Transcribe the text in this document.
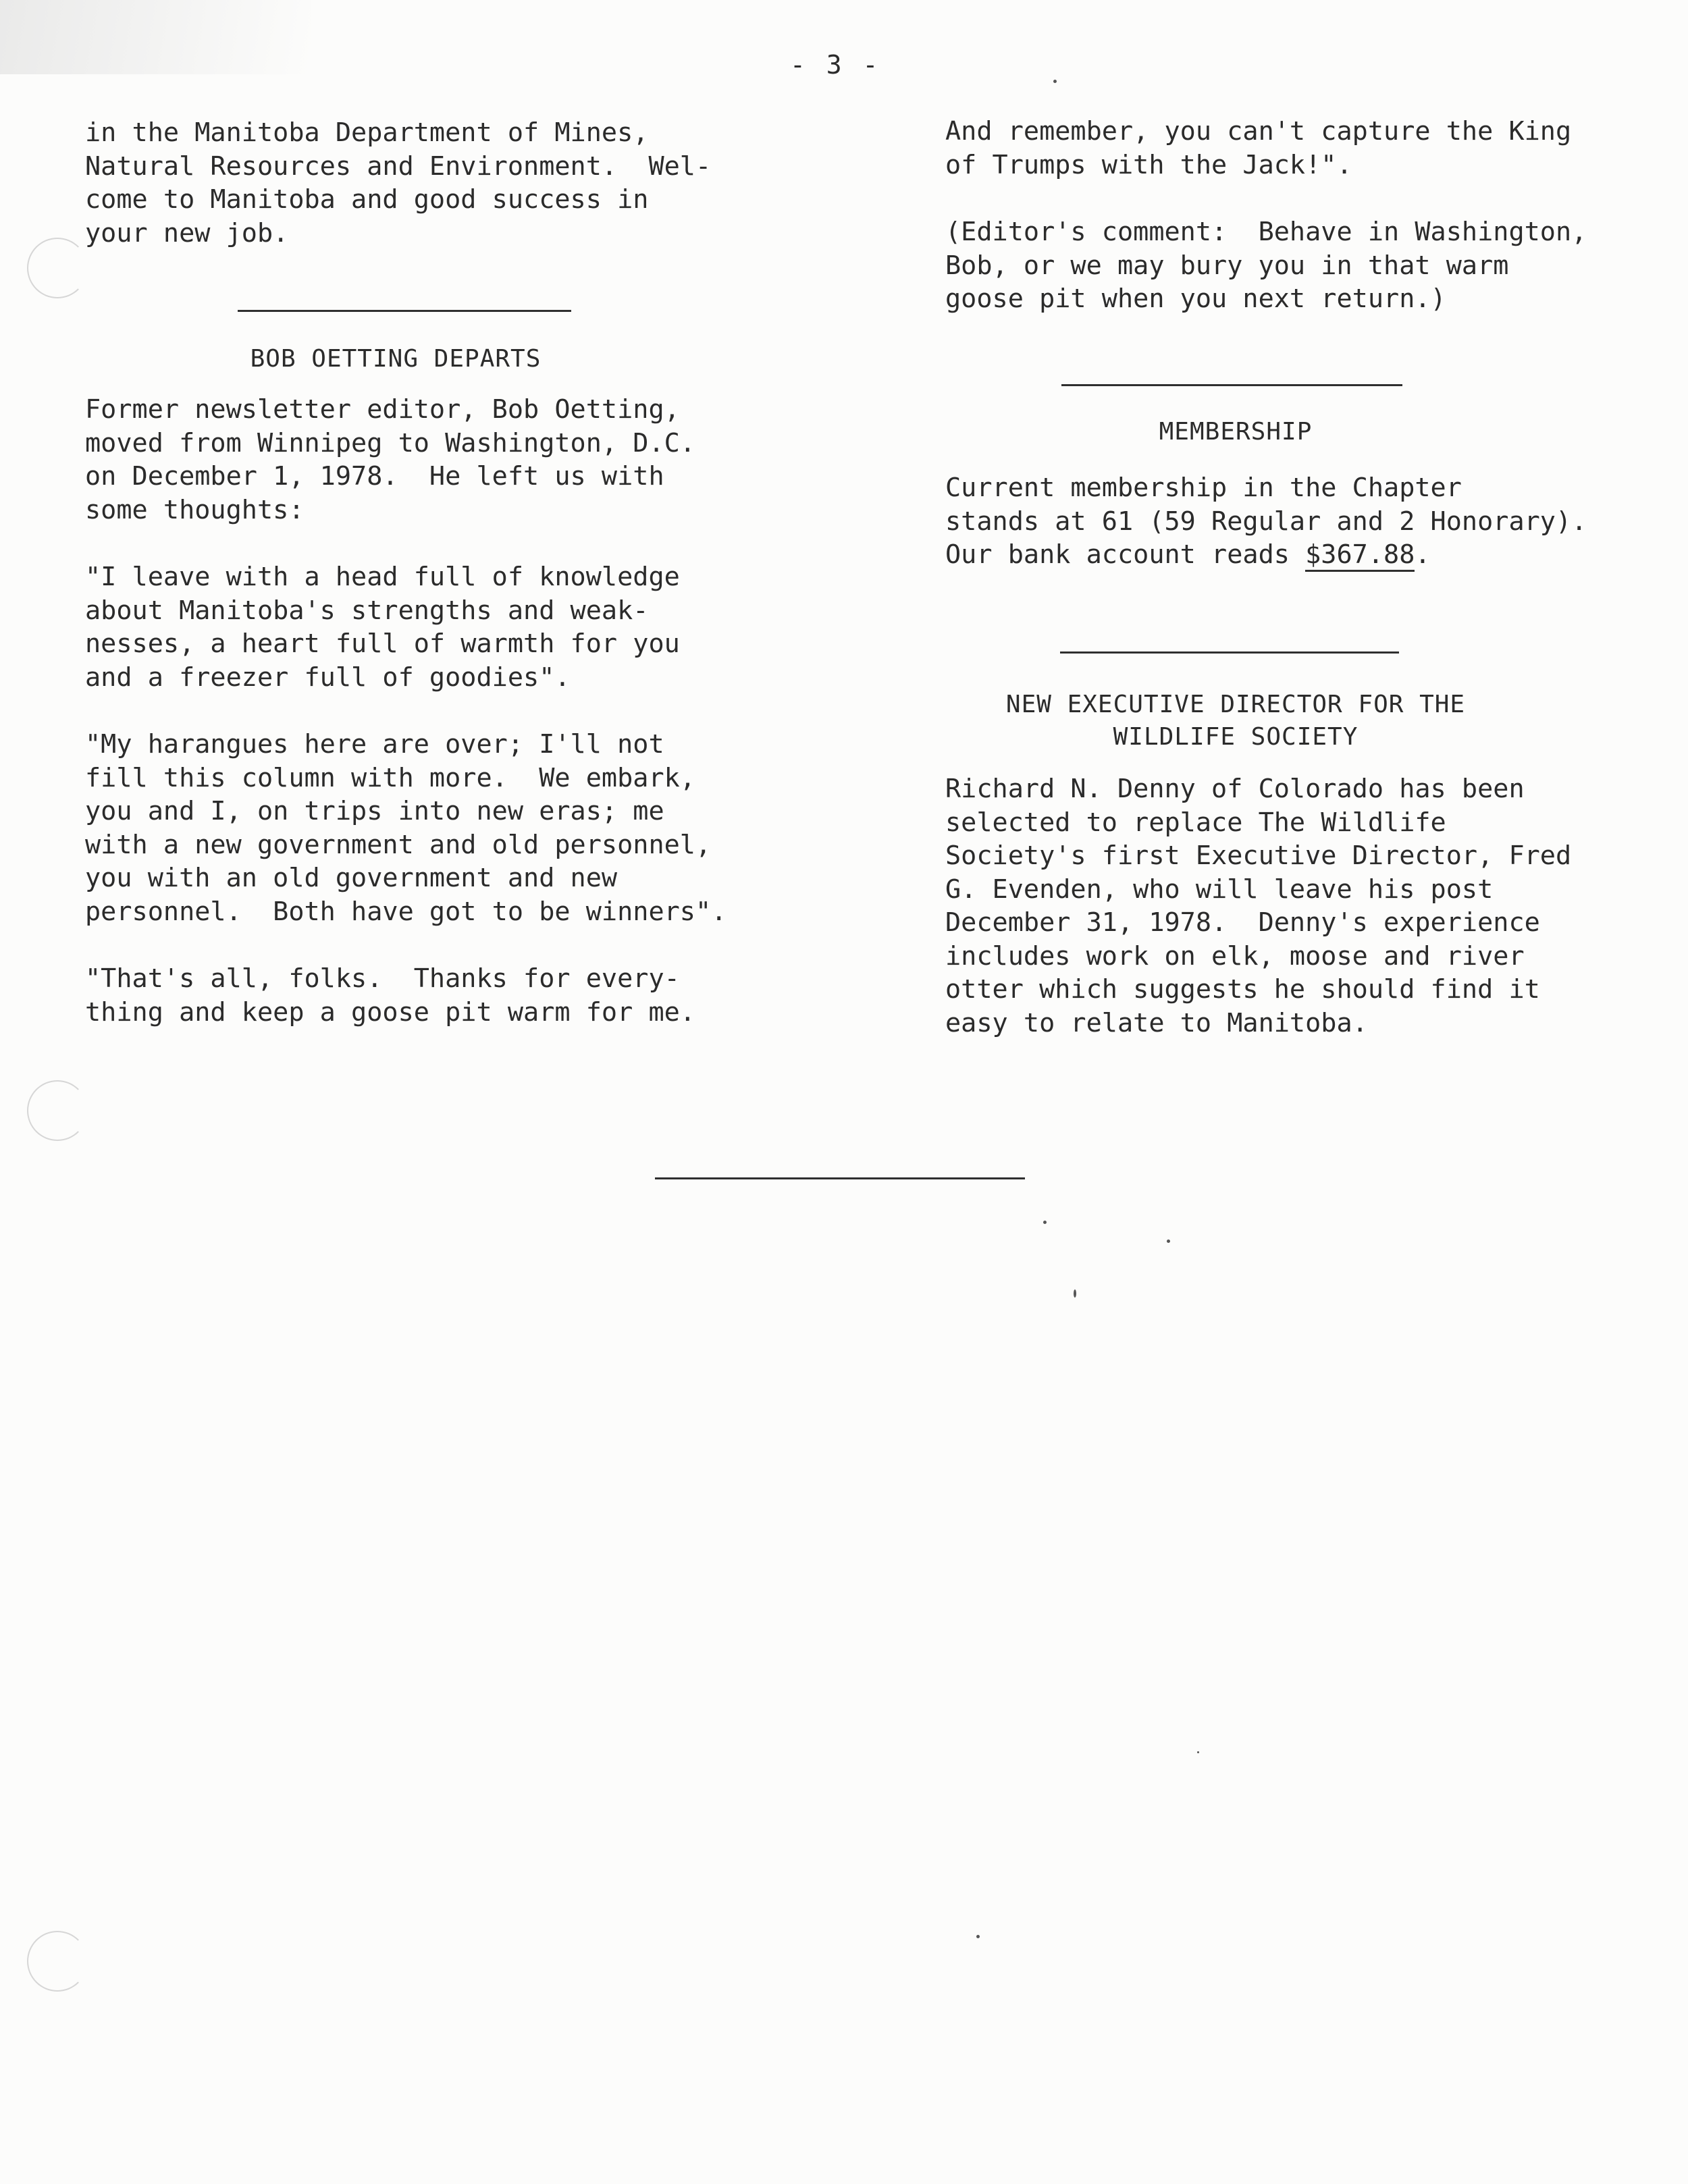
- 3 -

in the Manitoba Department of Mines,
Natural Resources and Environment.  Wel-
come to Manitoba and good success in
your new job.

BOB OETTING DEPARTS

Former newsletter editor, Bob Oetting,
moved from Winnipeg to Washington, D.C.
on December 1, 1978.  He left us with
some thoughts:

"I leave with a head full of knowledge
about Manitoba's strengths and weak-
nesses, a heart full of warmth for you
and a freezer full of goodies".

"My harangues here are over; I'll not
fill this column with more.  We embark,
you and I, on trips into new eras; me
with a new government and old personnel,
you with an old government and new
personnel.  Both have got to be winners".

"That's all, folks.  Thanks for every-
thing and keep a goose pit warm for me.

And remember, you can't capture the King
of Trumps with the Jack!".

(Editor's comment:  Behave in Washington,
Bob, or we may bury you in that warm
goose pit when you next return.)

MEMBERSHIP

Current membership in the Chapter
stands at 61 (59 Regular and 2 Honorary).
Our bank account reads $367.88.

NEW EXECUTIVE DIRECTOR FOR THE
WILDLIFE SOCIETY

Richard N. Denny of Colorado has been
selected to replace The Wildlife
Society's first Executive Director, Fred
G. Evenden, who will leave his post
December 31, 1978.  Denny's experience
includes work on elk, moose and river
otter which suggests he should find it
easy to relate to Manitoba.
